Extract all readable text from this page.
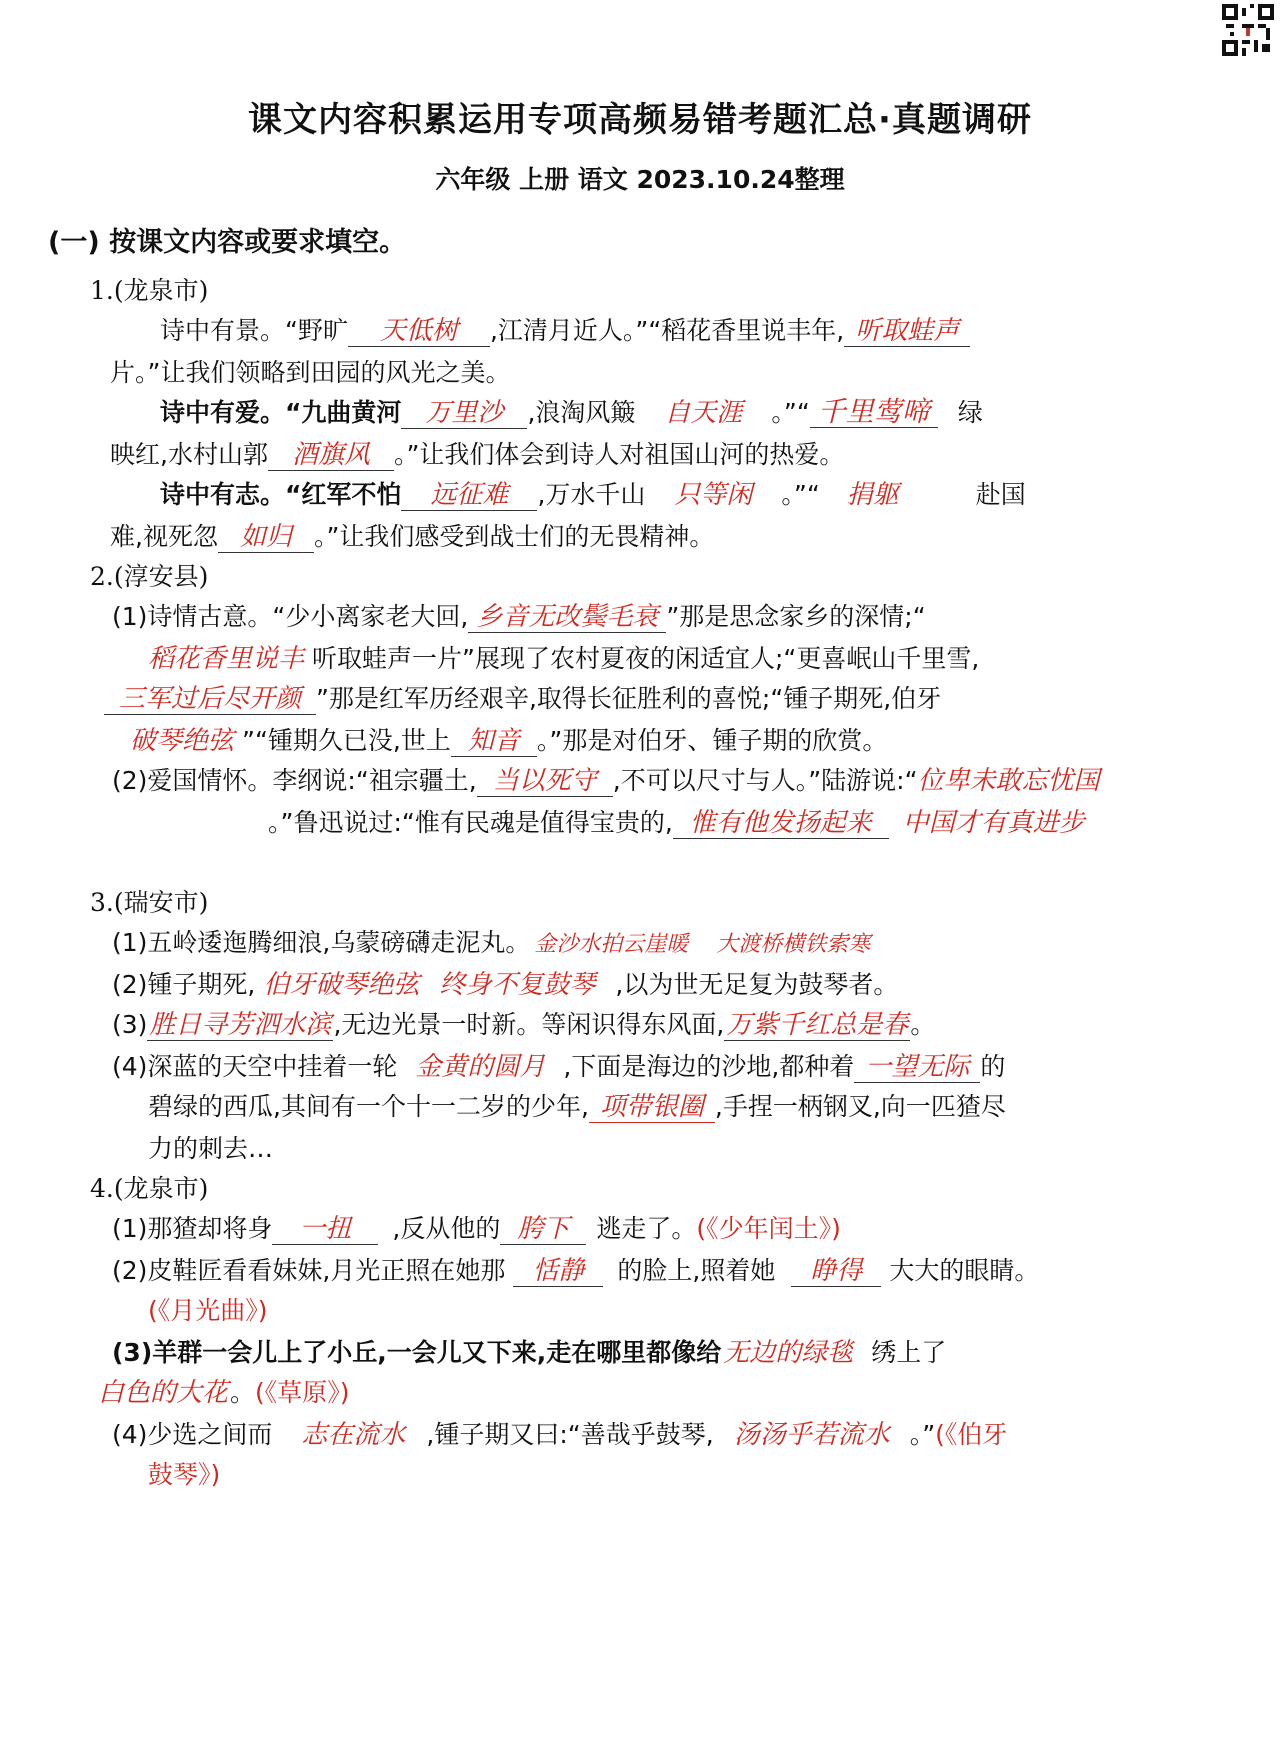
课文内容积累运用专项高频易错考题汇总·真题调研
六年级 上册 语文 2023.10.24整理
(一) 按课文内容或要求填空。
1.(龙泉市)
诗中有景。“野旷 天低树 ,江清月近人。”“稻花香里说丰年, 听取蛙声
片。”让我们领略到田园的风光之美。
诗中有爱。“九曲黄河 万里沙 ,浪淘风簸 自天涯 。”“ 千里莺啼 绿
映红,水村山郭 酒旗风 。”让我们体会到诗人对祖国山河的热爱。
诗中有志。“红军不怕 远征难 ,万水千山 只等闲 。”“ 捐躯	赴国
难,视死忽 如归 。”让我们感受到战士们的无畏精神。
2.(淳安县)
(1)诗情古意。“少小离家老大回, 乡音无改鬓毛衰 ”那是思念家乡的深情;“
稻花香里说丰 听取蛙声一片”展现了农村夏夜的闲适宜人;“更喜岷山千里雪,
三军过后尽开颜 ”那是红军历经艰辛,取得长征胜利的喜悦;“锺子期死,伯牙
破琴绝弦 ”“锺期久已没,世上 知音 。”那是对伯牙、锺子期的欣赏。
(2)爱国情怀。李纲说:“祖宗疆土, 当以死守 ,不可以尺寸与人。”陆游说:“位卑未敢忘忧国
。”鲁迅说过:“惟有民魂是值得宝贵的, 惟有他发扬起来 中国才有真进步
3.(瑞安市)
(1)五岭逶迤腾细浪,乌蒙磅礴走泥丸。 金沙水拍云崖暖 大渡桥横铁索寒
(2)锺子期死, 伯牙破琴绝弦 终身不复鼓琴 ,以为世无足复为鼓琴者。
(3)胜日寻芳泗水滨,无边光景一时新。等闲识得东风面,万紫千红总是春。
(4)深蓝的天空中挂着一轮 金黄的圆月 ,下面是海边的沙地,都种着 一望无际 的
碧绿的西瓜,其间有一个十一二岁的少年, 项带银圈 ,手捏一柄钢叉,向一匹猹尽
力的刺去…
4.(龙泉市)
(1)那猹却将身 一扭 ,反从他的 胯下 逃走了。(《少年闰土》)
(2)皮鞋匠看看妹妹,月光正照在她那 恬静 的脸上,照着她 睁得 大大的眼睛。
(《月光曲》)
(3)羊群一会儿上了小丘,一会儿又下来,走在哪里都像给无边的绿毯 绣上了
白色的大花。(《草原》)
(4)少选之间而 志在流水 ,锺子期又曰:“善哉乎鼓琴, 汤汤乎若流水 。”(《伯牙
鼓琴》)
